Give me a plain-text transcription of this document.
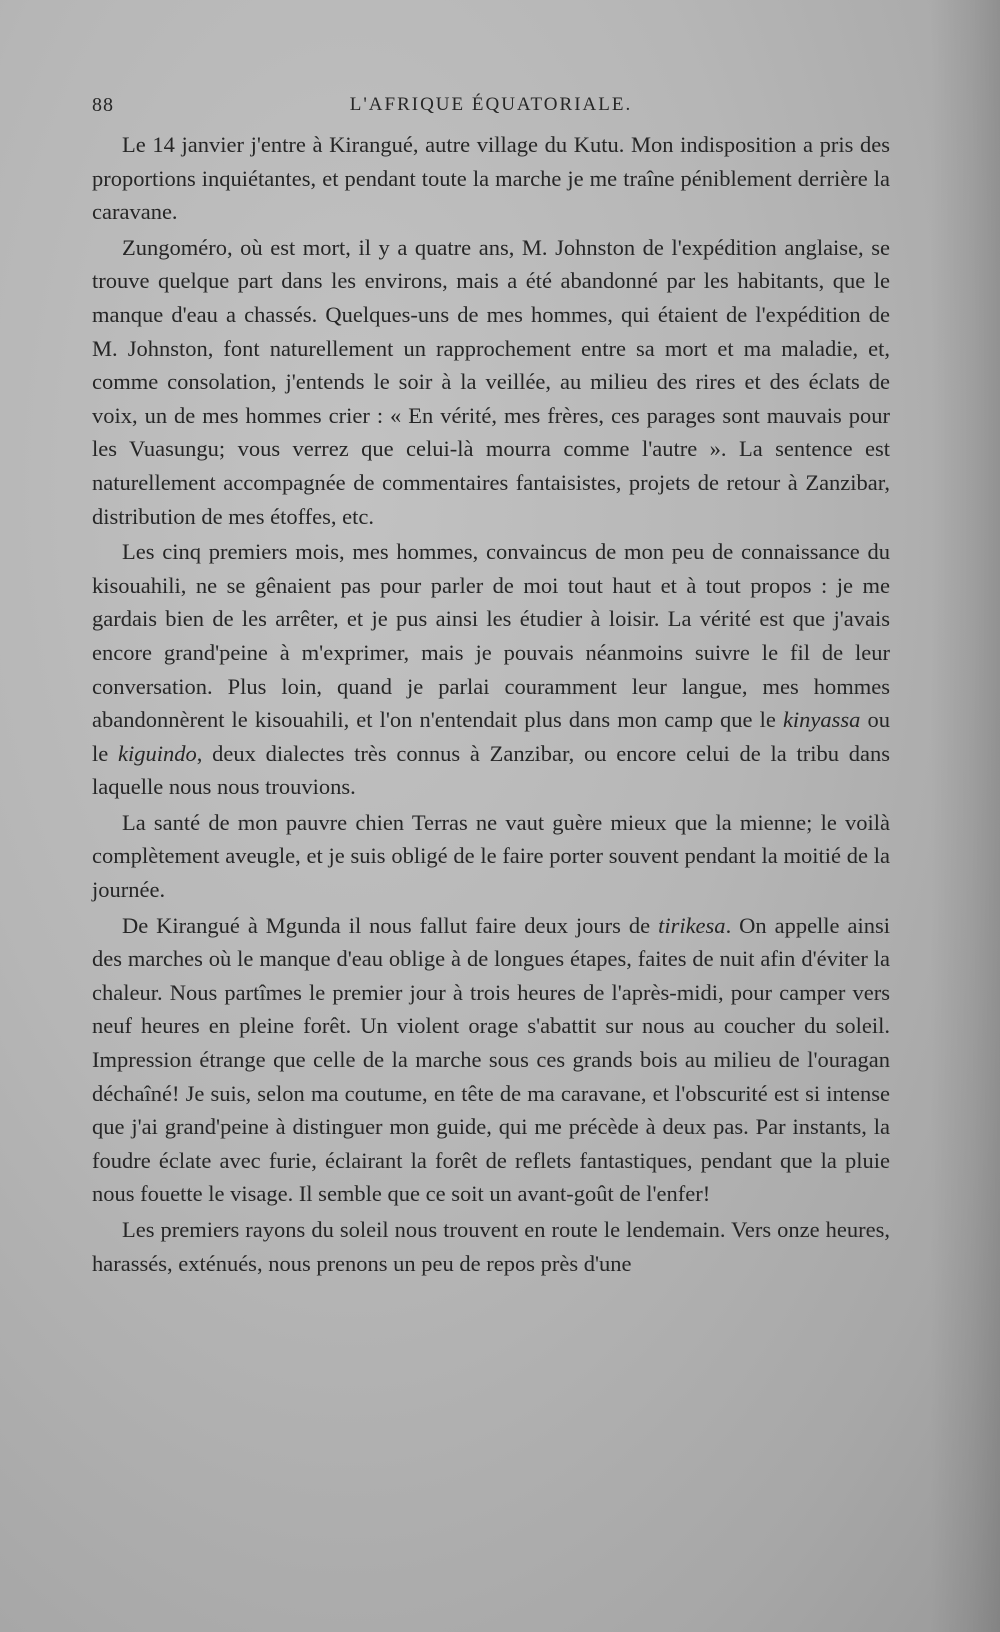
88	L'AFRIQUE ÉQUATORIALE.

Le 14 janvier j'entre à Kirangué, autre village du Kutu. Mon indisposition a pris des proportions inquiétantes, et pendant toute la marche je me traîne péniblement derrière la caravane.

Zungoméro, où est mort, il y a quatre ans, M. Johnston de l'expédition anglaise, se trouve quelque part dans les environs, mais a été abandonné par les habitants, que le manque d'eau a chassés. Quelques-uns de mes hommes, qui étaient de l'expédition de M. Johnston, font naturellement un rapprochement entre sa mort et ma maladie, et, comme consolation, j'entends le soir à la veillée, au milieu des rires et des éclats de voix, un de mes hommes crier : « En vérité, mes frères, ces parages sont mauvais pour les Vuasungu; vous verrez que celui-là mourra comme l'autre ». La sentence est naturellement accompagnée de commentaires fantaisistes, projets de retour à Zanzibar, distribution de mes étoffes, etc.

Les cinq premiers mois, mes hommes, convaincus de mon peu de connaissance du kisouahili, ne se gênaient pas pour parler de moi tout haut et à tout propos : je me gardais bien de les arrêter, et je pus ainsi les étudier à loisir. La vérité est que j'avais encore grand'peine à m'exprimer, mais je pouvais néanmoins suivre le fil de leur conversation. Plus loin, quand je parlai couramment leur langue, mes hommes abandonnèrent le kisouahili, et l'on n'entendait plus dans mon camp que le kinyassa ou le kiguindo, deux dialectes très connus à Zanzibar, ou encore celui de la tribu dans laquelle nous nous trouvions.

La santé de mon pauvre chien Terras ne vaut guère mieux que la mienne; le voilà complètement aveugle, et je suis obligé de le faire porter souvent pendant la moitié de la journée.

De Kirangué à Mgunda il nous fallut faire deux jours de tirikesa. On appelle ainsi des marches où le manque d'eau oblige à de longues étapes, faites de nuit afin d'éviter la chaleur. Nous partîmes le premier jour à trois heures de l'après-midi, pour camper vers neuf heures en pleine forêt. Un violent orage s'abattit sur nous au coucher du soleil. Impression étrange que celle de la marche sous ces grands bois au milieu de l'ouragan déchaîné! Je suis, selon ma coutume, en tête de ma caravane, et l'obscurité est si intense que j'ai grand'peine à distinguer mon guide, qui me précède à deux pas. Par instants, la foudre éclate avec furie, éclairant la forêt de reflets fantastiques, pendant que la pluie nous fouette le visage. Il semble que ce soit un avant-goût de l'enfer!

Les premiers rayons du soleil nous trouvent en route le lendemain. Vers onze heures, harassés, exténués, nous prenons un peu de repos près d'une
